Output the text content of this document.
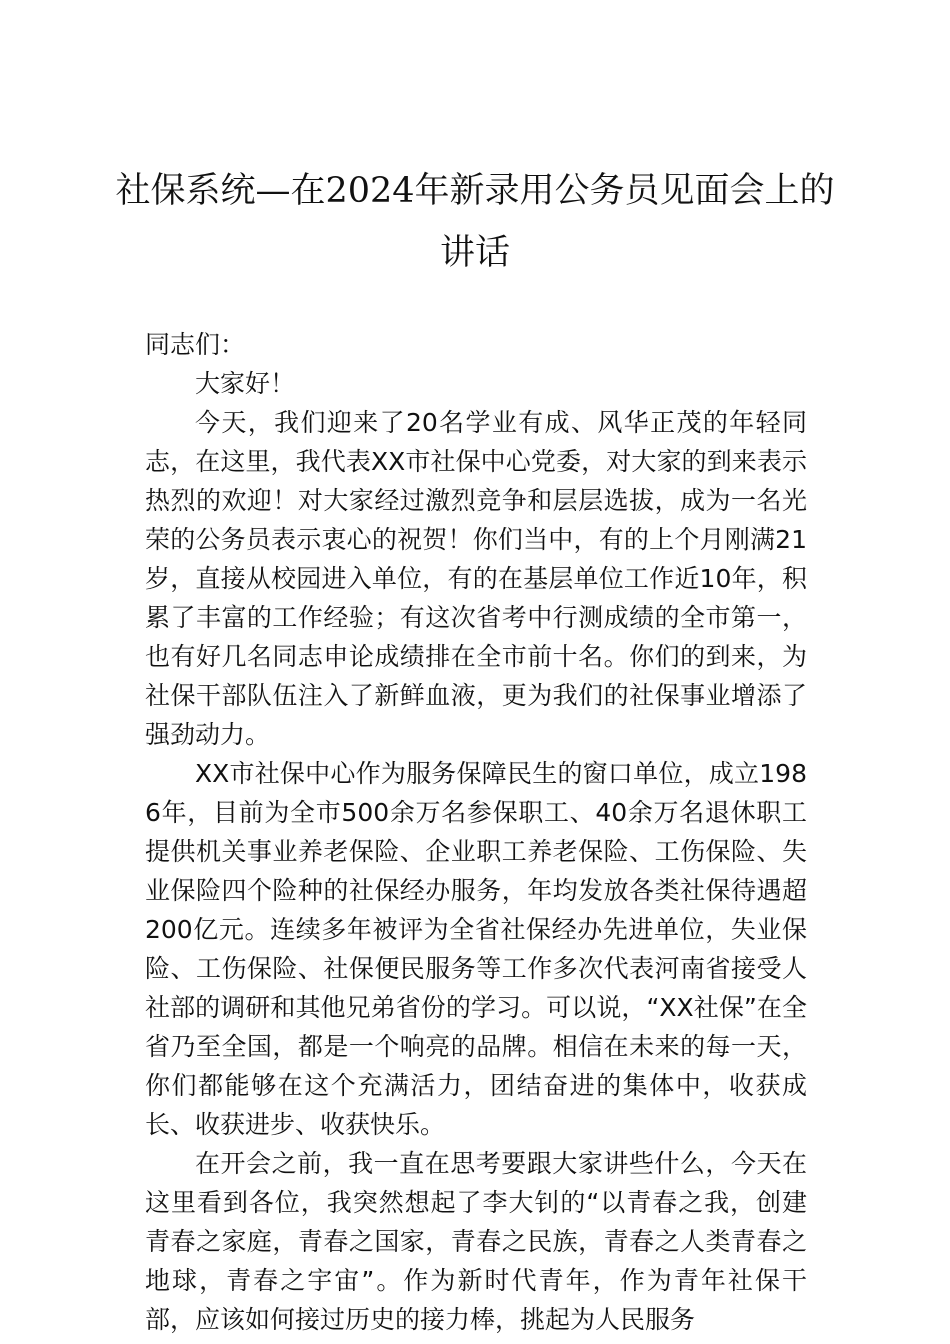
社保系统—在2024年新录用公务员见面会上的讲话

同志们：

大家好！

今天，我们迎来了20名学业有成、风华正茂的年轻同志，在这里，我代表XX市社保中心党委，对大家的到来表示热烈的欢迎！对大家经过激烈竞争和层层选拔，成为一名光荣的公务员表示衷心的祝贺！你们当中，有的上个月刚满21岁，直接从校园进入单位，有的在基层单位工作近10年，积累了丰富的工作经验；有这次省考中行测成绩的全市第一，也有好几名同志申论成绩排在全市前十名。你们的到来，为社保干部队伍注入了新鲜血液，更为我们的社保事业增添了强劲动力。

XX市社保中心作为服务保障民生的窗口单位，成立1986年，目前为全市500余万名参保职工、40余万名退休职工提供机关事业养老保险、企业职工养老保险、工伤保险、失业保险四个险种的社保经办服务，年均发放各类社保待遇超200亿元。连续多年被评为全省社保经办先进单位，失业保险、工伤保险、社保便民服务等工作多次代表河南省接受人社部的调研和其他兄弟省份的学习。可以说，“XX社保”在全省乃至全国，都是一个响亮的品牌。相信在未来的每一天，你们都能够在这个充满活力，团结奋进的集体中，收获成长、收获进步、收获快乐。

在开会之前，我一直在思考要跟大家讲些什么，今天在这里看到各位，我突然想起了李大钊的“以青春之我，创建青春之家庭，青春之国家，青春之民族，青春之人类青春之地球，青春之宇宙”。作为新时代青年，作为青年社保干部，应该如何接过历史的接力棒，挑起为人民服务
